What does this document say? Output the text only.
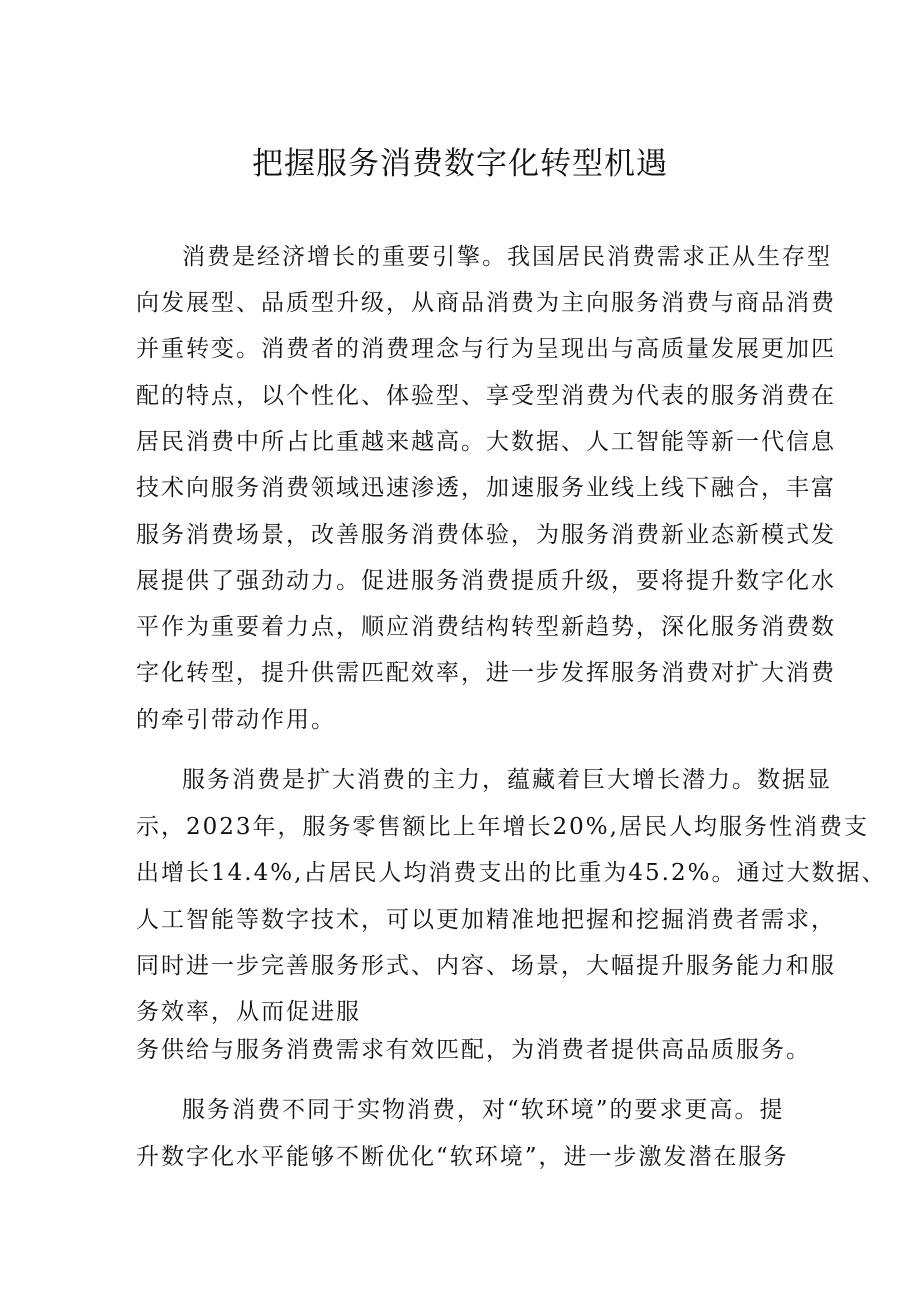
把握服务消费数字化转型机遇
消费是经济增长的重要引擎。我国居民消费需求正从生存型
向发展型、品质型升级，从商品消费为主向服务消费与商品消费
并重转变。消费者的消费理念与行为呈现出与高质量发展更加匹
配的特点，以个性化、体验型、享受型消费为代表的服务消费在
居民消费中所占比重越来越高。大数据、人工智能等新一代信息
技术向服务消费领域迅速渗透，加速服务业线上线下融合，丰富
服务消费场景，改善服务消费体验，为服务消费新业态新模式发
展提供了强劲动力。促进服务消费提质升级，要将提升数字化水
平作为重要着力点，顺应消费结构转型新趋势，深化服务消费数
字化转型，提升供需匹配效率，进一步发挥服务消费对扩大消费
的牵引带动作用。
服务消费是扩大消费的主力，蕴藏着巨大增长潜力。数据显
示，2023年，服务零售额比上年增长20%,居民人均服务性消费支
出增长14.4%,占居民人均消费支出的比重为45.2%。通过大数据、
人工智能等数字技术，可以更加精准地把握和挖掘消费者需求，
同时进一步完善服务形式、内容、场景，大幅提升服务能力和服
务效率，从而促进服
务供给与服务消费需求有效匹配，为消费者提供高品质服务。
服务消费不同于实物消费，对“软环境”的要求更高。提
升数字化水平能够不断优化“软环境”，进一步激发潜在服务
